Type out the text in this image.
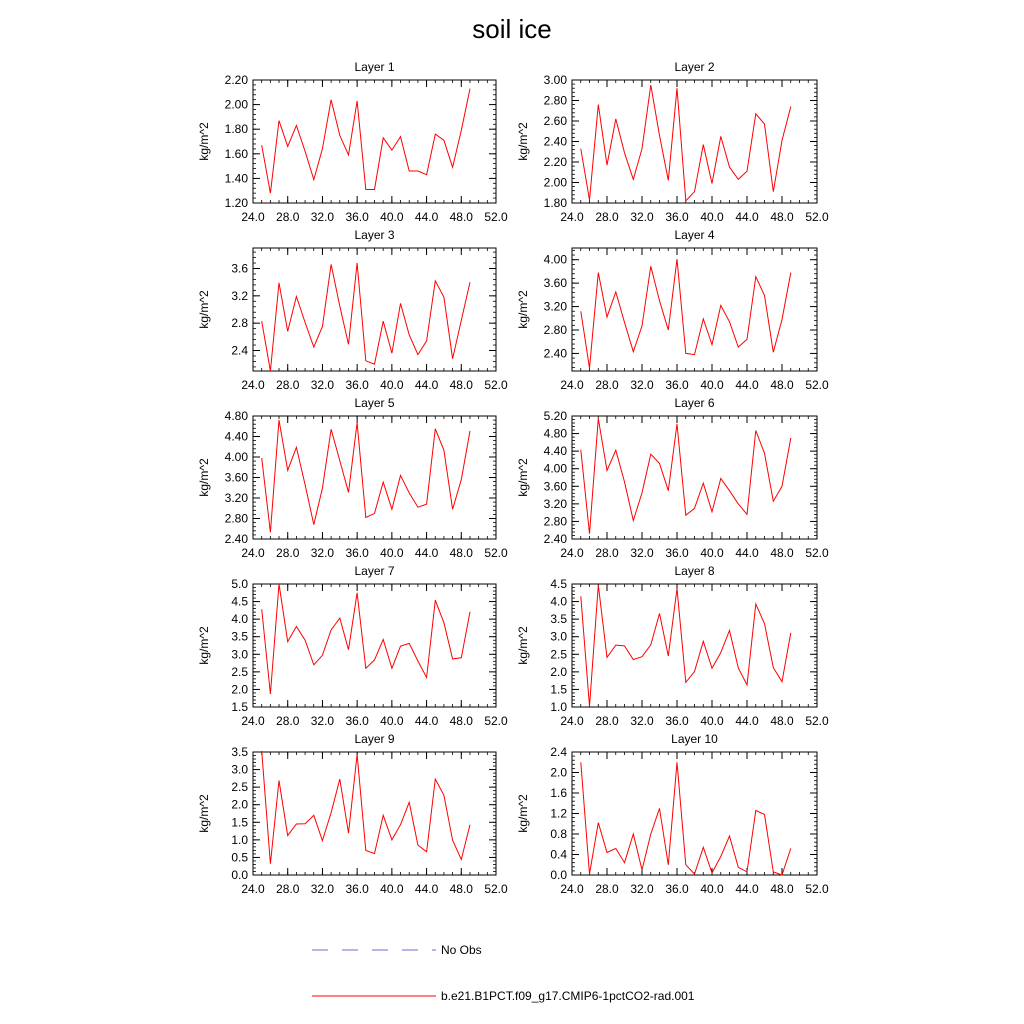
soil ice
Layer 1
24.0 28.0 32.0 36.0 40.0 44.0 48.0 52.0
1.20
1.40
1.60
1.80
2.00
2.20
kg/m^2
Layer 2
24.0 28.0 32.0 36.0 40.0 44.0 48.0 52.0
1.80
2.00
2.20
2.40
2.60
2.80
3.00
kg/m^2
Layer 3
24.0 28.0 32.0 36.0 40.0 44.0 48.0 52.0
2.4
2.8
3.2
3.6
kg/m^2
Layer 4
24.0 28.0 32.0 36.0 40.0 44.0 48.0 52.0
2.40
2.80
3.20
3.60
4.00
kg/m^2
Layer 5
24.0 28.0 32.0 36.0 40.0 44.0 48.0 52.0
2.40
2.80
3.20
3.60
4.00
4.40
4.80
kg/m^2
Layer 6
24.0 28.0 32.0 36.0 40.0 44.0 48.0 52.0
2.40
2.80
3.20
3.60
4.00
4.40
4.80
5.20
kg/m^2
Layer 7
24.0 28.0 32.0 36.0 40.0 44.0 48.0 52.0
1.5
2.0
2.5
3.0
3.5
4.0
4.5
5.0
kg/m^2
Layer 8
24.0 28.0 32.0 36.0 40.0 44.0 48.0 52.0
1.0
1.5
2.0
2.5
3.0
3.5
4.0
4.5
kg/m^2
Layer 9
24.0 28.0 32.0 36.0 40.0 44.0 48.0 52.0
0.0
0.5
1.0
1.5
2.0
2.5
3.0
3.5
kg/m^2
Layer 10
24.0 28.0 32.0 36.0 40.0 44.0 48.0 52.0
0.0
0.4
0.8
1.2
1.6
2.0
2.4
kg/m^2
No Obs
b.e21.B1PCT.f09_g17.CMIP6-1pctCO2-rad.001
